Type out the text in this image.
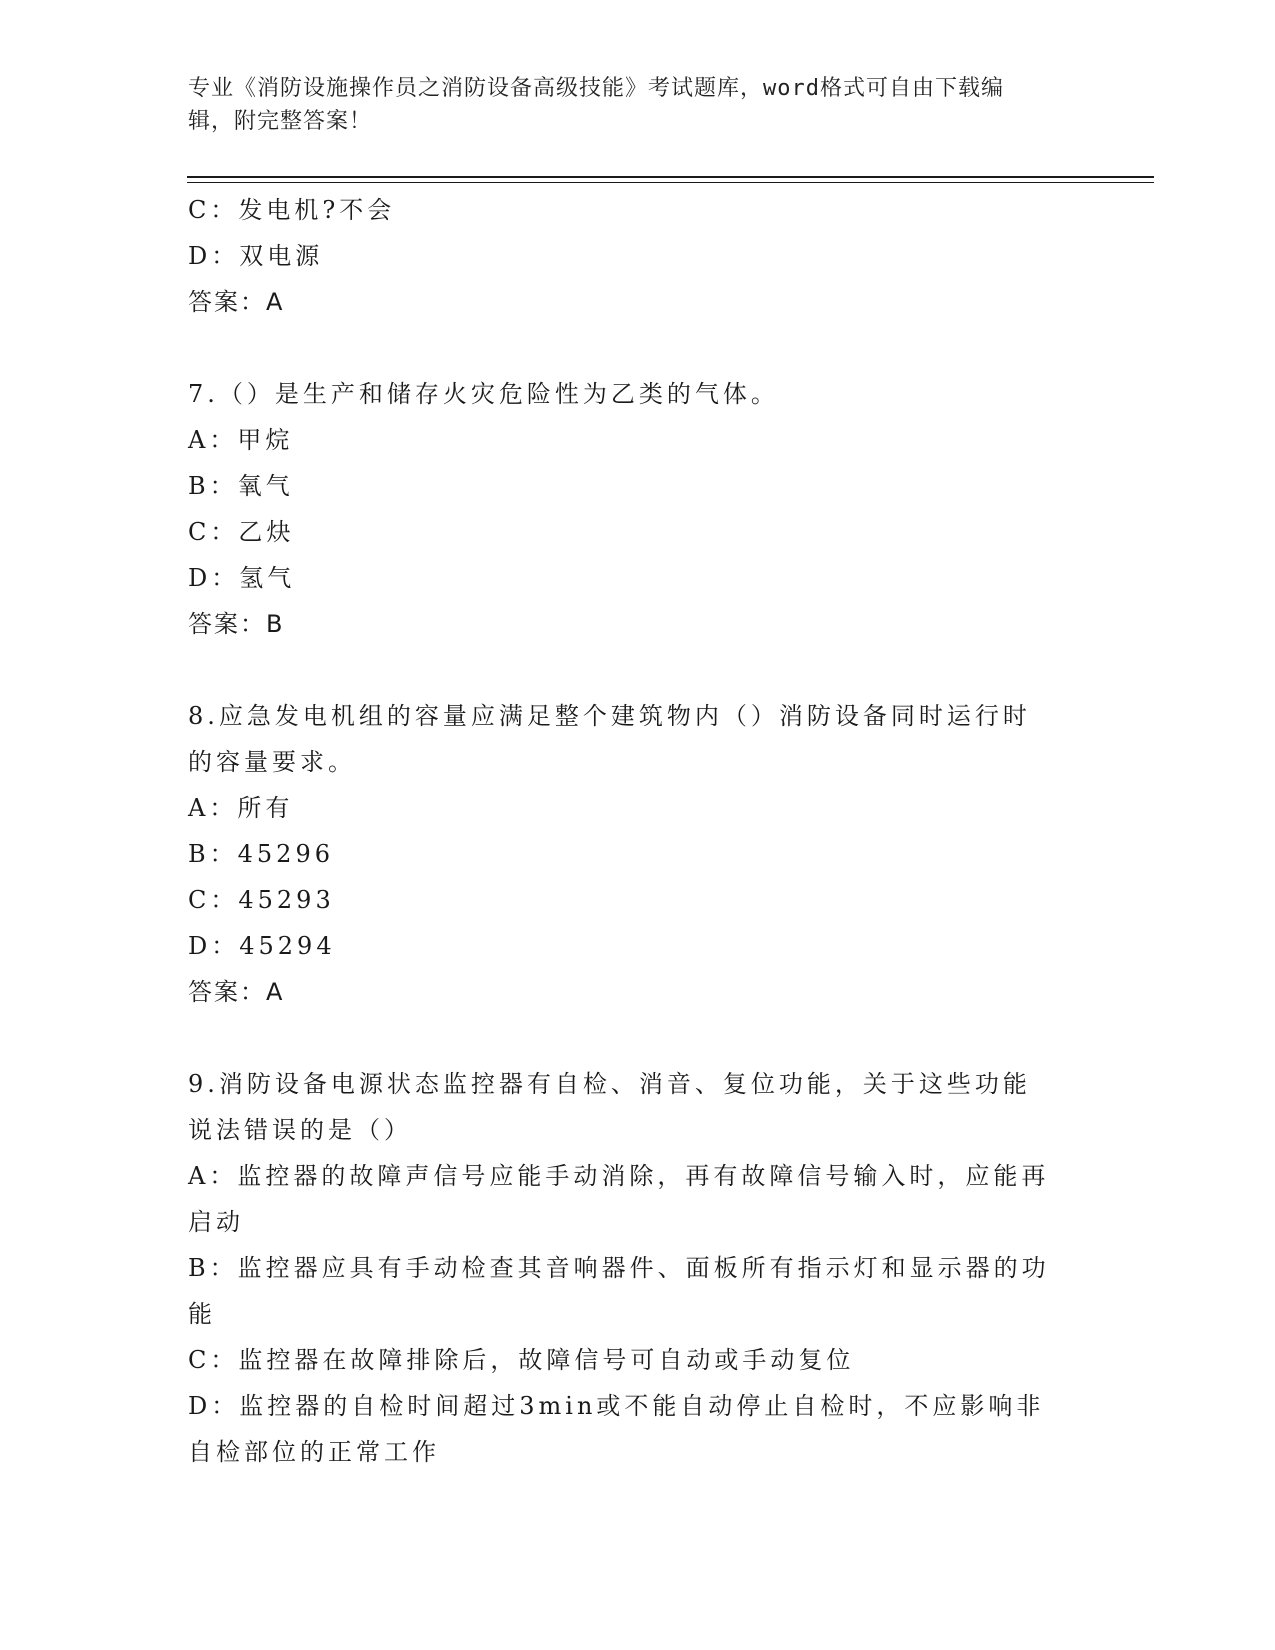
专业《消防设施操作员之消防设备高级技能》考试题库，word格式可自由下载编
辑，附完整答案！
C：发电机?不会
D：双电源
答案：A
7.（）是生产和储存火灾危险性为乙类的气体。
A：甲烷
B：氧气
C：乙炔
D：氢气
答案：B
8.应急发电机组的容量应满足整个建筑物内（）消防设备同时运行时
的容量要求。
A：所有
B：45296
C：45293
D：45294
答案：A
9.消防设备电源状态监控器有自检、消音、复位功能，关于这些功能
说法错误的是（）
A：监控器的故障声信号应能手动消除，再有故障信号输入时，应能再
启动
B：监控器应具有手动检查其音响器件、面板所有指示灯和显示器的功
能
C：监控器在故障排除后，故障信号可自动或手动复位
D：监控器的自检时间超过3min或不能自动停止自检时，不应影响非
自检部位的正常工作
